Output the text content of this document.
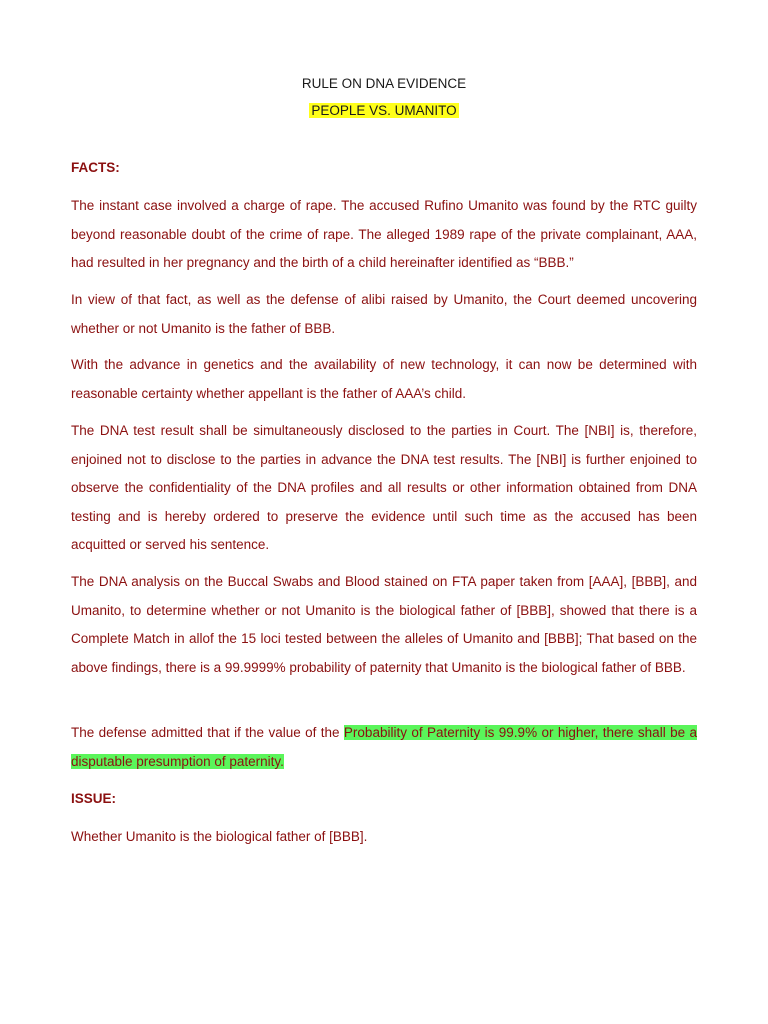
RULE ON DNA EVIDENCE
PEOPLE VS. UMANITO

FACTS:

The instant case involved a charge of rape. The accused Rufino Umanito was found by the RTC guilty beyond reasonable doubt of the crime of rape. The alleged 1989 rape of the private complainant, AAA, had resulted in her pregnancy and the birth of a child hereinafter identified as “BBB.”

In view of that fact, as well as the defense of alibi raised by Umanito, the Court deemed uncovering whether or not Umanito is the father of BBB.

With the advance in genetics and the availability of new technology, it can now be determined with reasonable certainty whether appellant is the father of AAA’s child.

The DNA test result shall be simultaneously disclosed to the parties in Court. The [NBI] is, therefore, enjoined not to disclose to the parties in advance the DNA test results. The [NBI] is further enjoined to observe the confidentiality of the DNA profiles and all results or other information obtained from DNA testing and is hereby ordered to preserve the evidence until such time as the accused has been acquitted or served his sentence.

The DNA analysis on the Buccal Swabs and Blood stained on FTA paper taken from [AAA], [BBB], and Umanito, to determine whether or not Umanito is the biological father of [BBB], showed that there is a Complete Match in allof the 15 loci tested between the alleles of Umanito and [BBB]; That based on the above findings, there is a 99.9999% probability of paternity that Umanito is the biological father of BBB.

The defense admitted that if the value of the Probability of Paternity is 99.9% or higher, there shall be a disputable presumption of paternity.

ISSUE:

Whether Umanito is the biological father of [BBB].
